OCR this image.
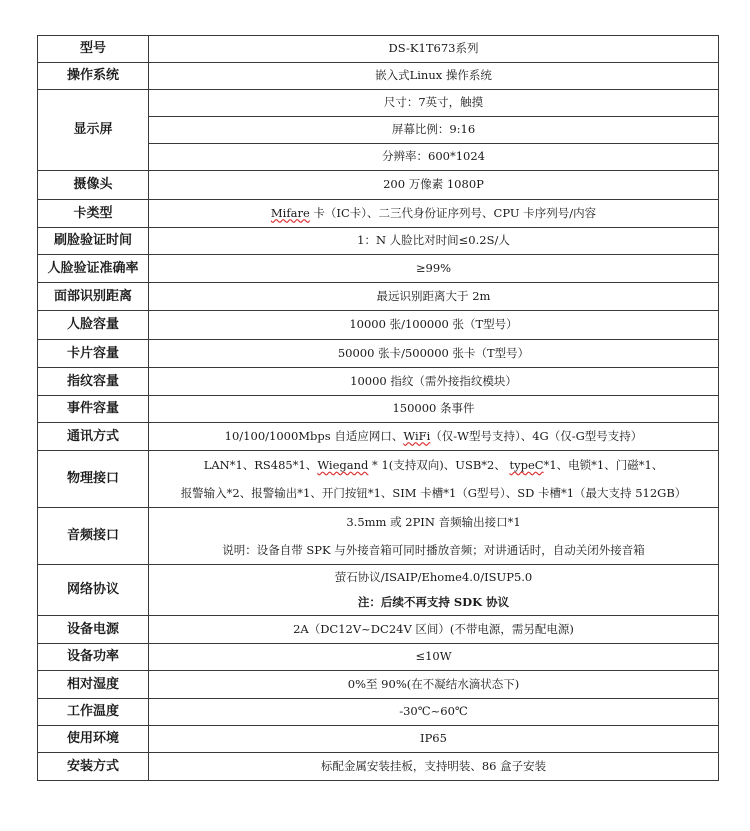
型号	DS-K1T673系列
操作系统	嵌入式Linux 操作系统
显示屏	尺寸：7英寸，触摸
	屏幕比例：9:16
	分辨率：600*1024
摄像头	200 万像素 1080P
卡类型	Mifare 卡（IC卡）、二三代身份证序列号、CPU 卡序列号/内容
刷脸验证时间	1：N 人脸比对时间≤0.2S/人
人脸验证准确率	≥99%
面部识别距离	最远识别距离大于 2m
人脸容量	10000 张/100000 张（T型号）
卡片容量	50000 张卡/500000 张卡（T型号）
指纹容量	10000 指纹（需外接指纹模块）
事件容量	150000 条事件
通讯方式	10/100/1000Mbps 自适应网口、WiFi（仅-W型号支持）、4G（仅-G型号支持）
物理接口	LAN*1、RS485*1、Wiegand * 1(支持双向)、USB*2、 typeC*1、电锁*1、门磁*1、
报警输入*2、报警输出*1、开门按钮*1、SIM 卡槽*1（G型号）、SD 卡槽*1（最大支持 512GB）

音频接口	3.5mm 或 2PIN 音频输出接口*1
说明：设备自带 SPK 与外接音箱可同时播放音频；对讲通话时，自动关闭外接音箱

网络协议	萤石协议/ISAIP/Ehome4.0/ISUP5.0
注：后续不再支持 SDK 协议

设备电源	2A（DC12V~DC24V 区间）(不带电源，需另配电源)
设备功率	≤10W
相对湿度	0%至 90%(在不凝结水滴状态下)
工作温度	-30℃~60℃
使用环境	IP65
安装方式	标配金属安装挂板，支持明装、86 盒子安装
